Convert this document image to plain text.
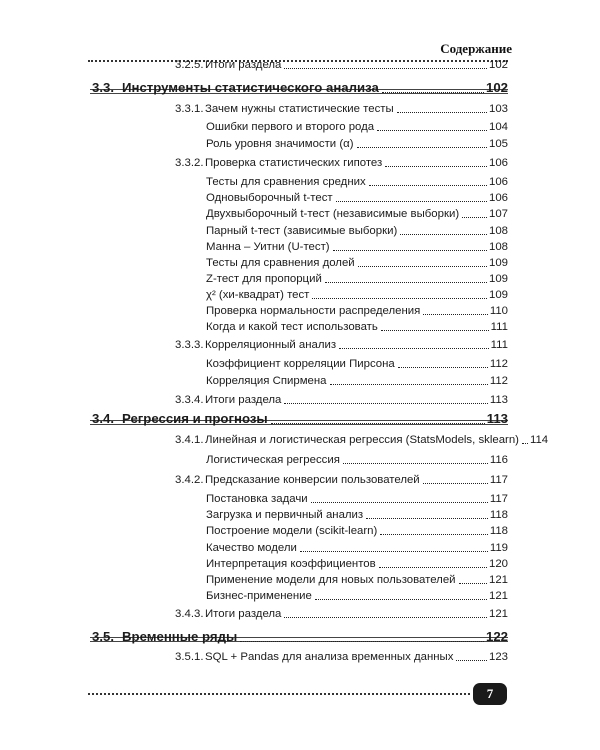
Содержание
3.2.5. Итоги раздела	102
3.3. Инструменты статистического анализа	102
3.3.1. Зачем нужны статистические тесты	103
Ошибки первого и второго рода	104
Роль уровня значимости (α)	105
3.3.2. Проверка статистических гипотез	106
Тесты для сравнения средних	106
Одновыборочный t-тест	106
Двухвыборочный t-тест (независимые выборки)	107
Парный t-тест (зависимые выборки)	108
Манна – Уитни (U-тест)	108
Тесты для сравнения долей	109
Z-тест для пропорций	109
χ² (хи-квадрат) тест	109
Проверка нормальности распределения	110
Когда и какой тест использовать	111
3.3.3. Корреляционный анализ	111
Коэффициент корреляции Пирсона	112
Корреляция Спирмена	112
3.3.4. Итоги раздела	113
3.4. Регрессия и прогнозы	113
3.4.1. Линейная и логистическая регрессия (StatsModels, sklearn) 114
Логистическая регрессия	116
3.4.2. Предсказание конверсии пользователей	117
Постановка задачи	117
Загрузка и первичный анализ	118
Построение модели (scikit-learn)	118
Качество модели	119
Интерпретация коэффициентов	120
Применение модели для новых пользователей	121
Бизнес-применение	121
3.4.3. Итоги раздела	121
3.5. Временные ряды	122
3.5.1. SQL + Pandas для анализа временных данных	123
7
